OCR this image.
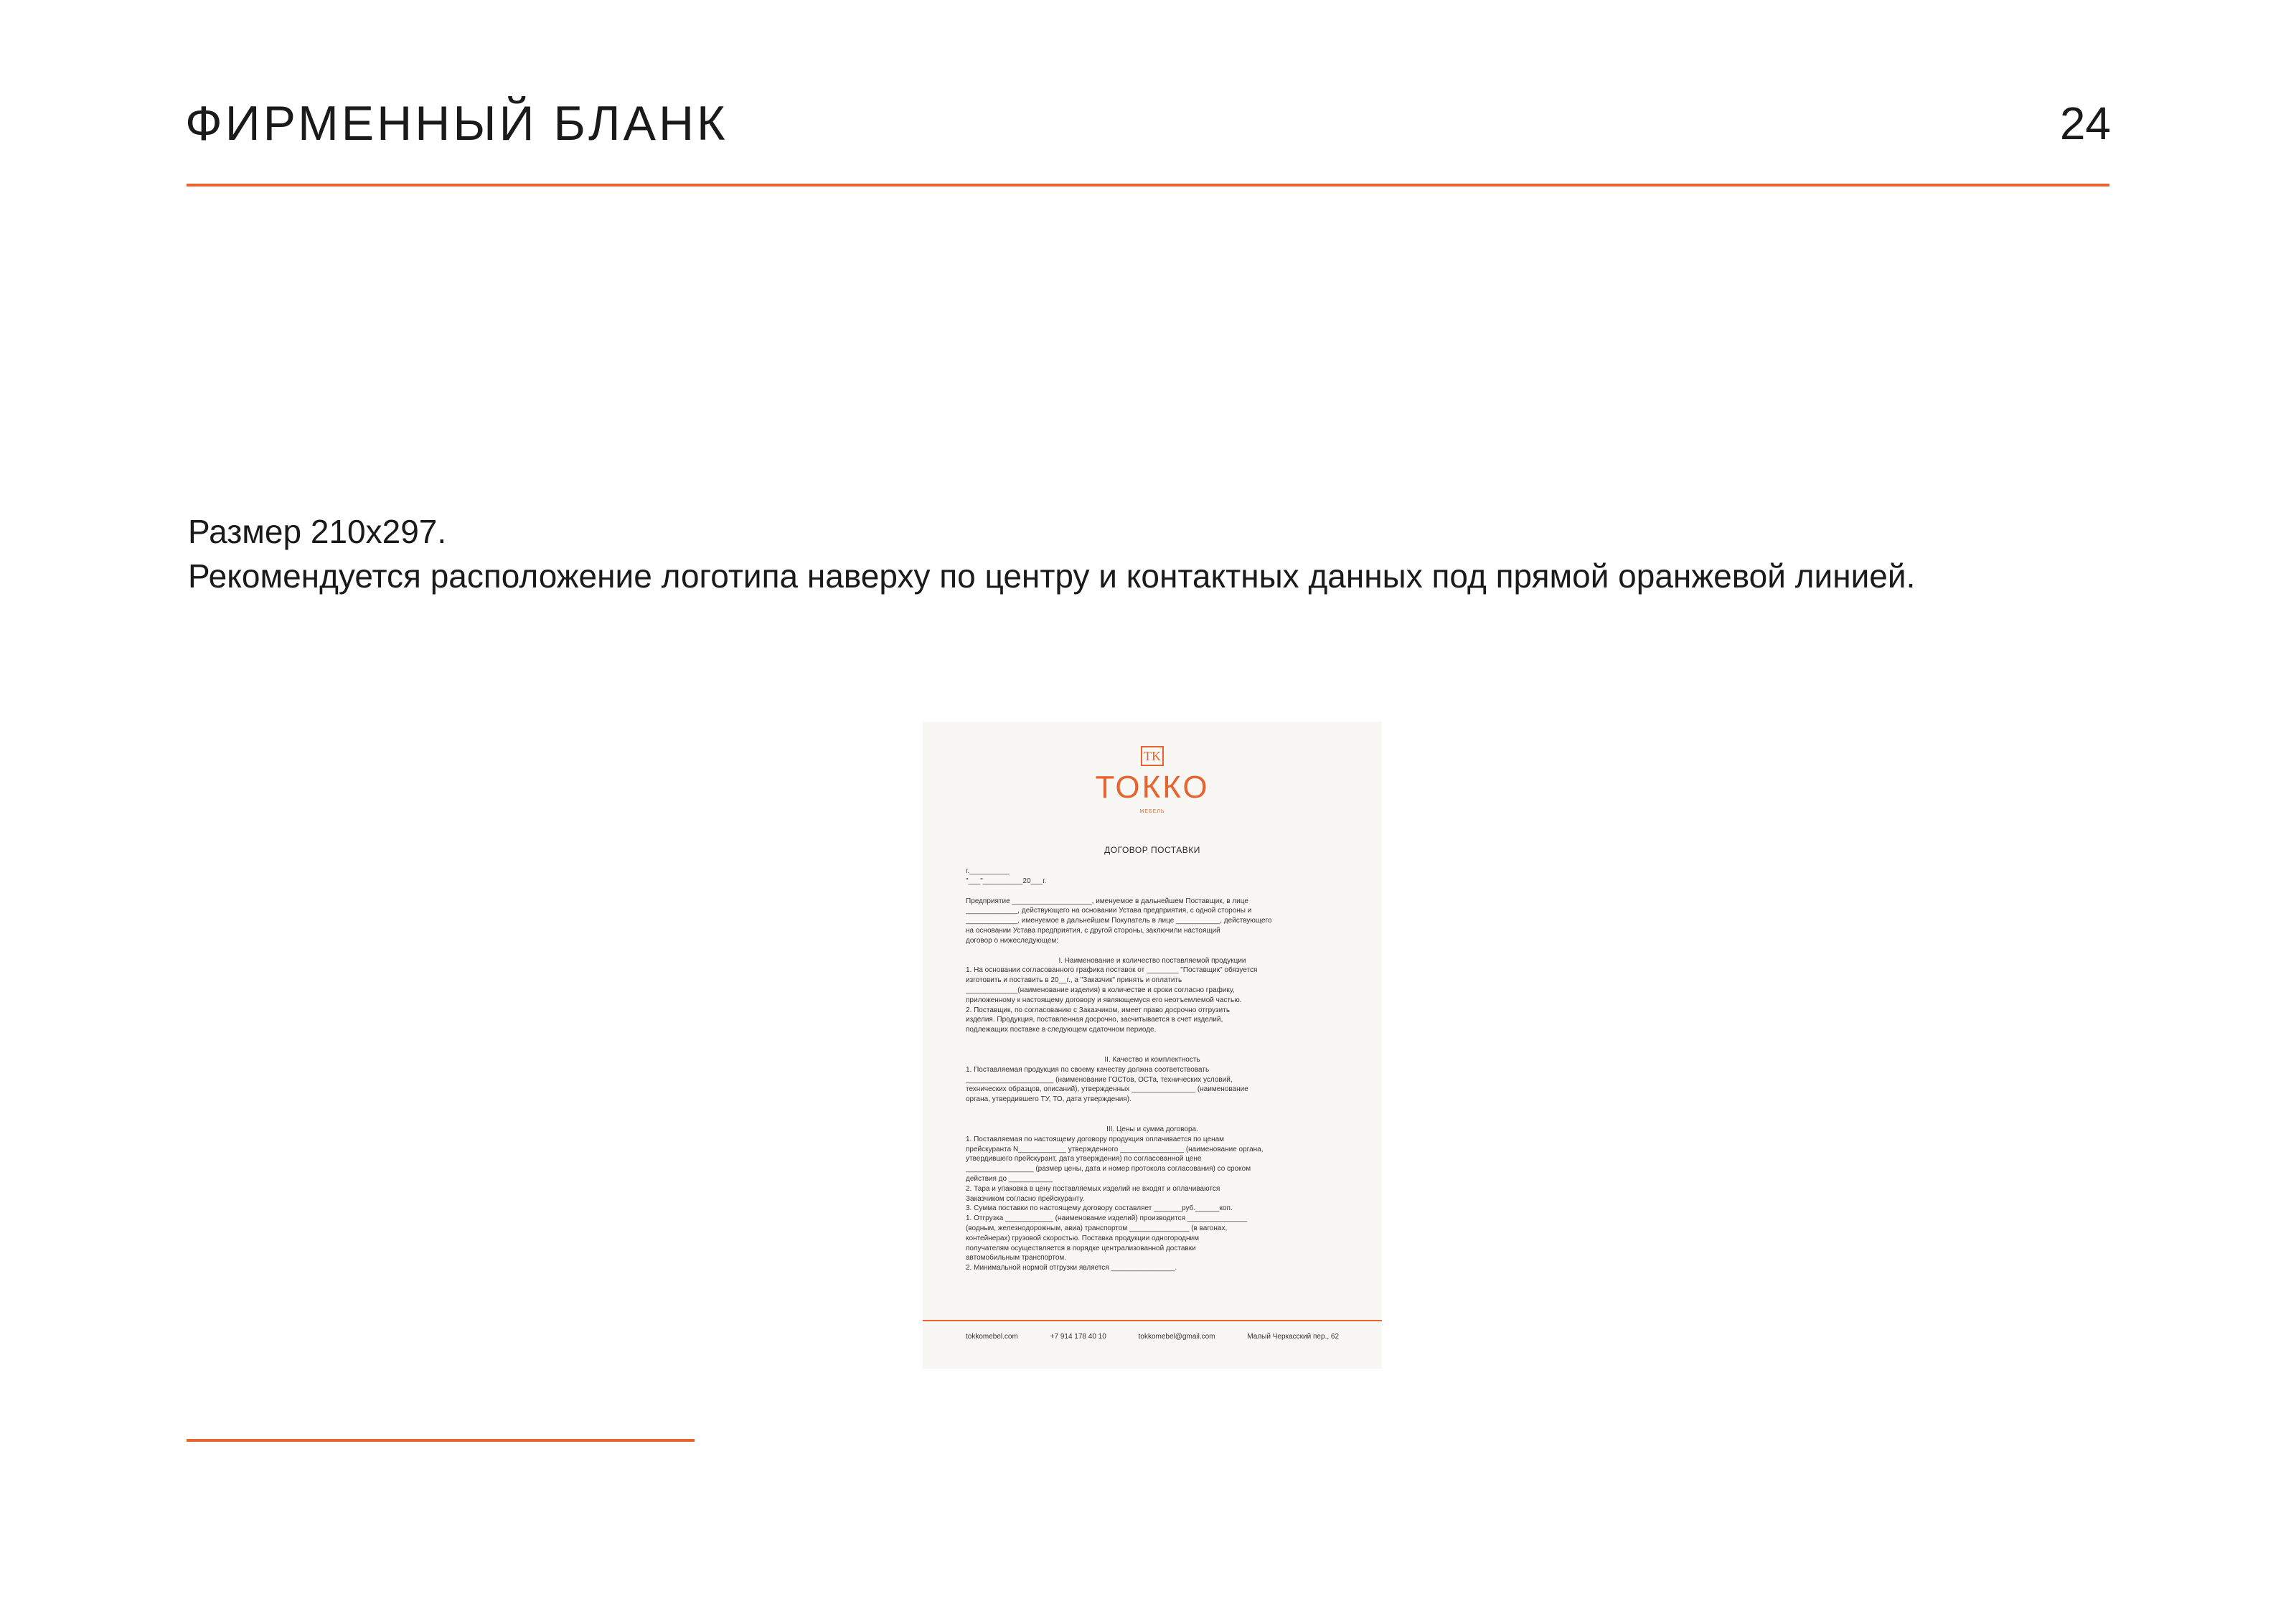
ФИРМЕННЫЙ БЛАНК	24

Размер 210x297.

Рекомендуется расположение логотипа наверху по центру и контактных данных под прямой оранжевой линией.

TK
ТОККО
МЕБЕЛЬ
ДОГОВОР ПОСТАВКИ
г.__________
"___"__________20___г.
Предприятие ____________________, именуемое в дальнейшем Поставщик, в лице
_____________, действующего на основании Устава предприятия, с одной стороны и
_____________, именуемое в дальнейшем Покупатель в лице ___________, действующего
на основании Устава предприятия, с другой стороны, заключили настоящий
договор о нижеследующем:
I. Наименование и количество поставляемой продукции
1. На основании согласованного графика поставок от ________ "Поставщик" обязуется
изготовить и поставить в 20__г., а "Заказчик" принять и оплатить
_____________(наименование изделия) в количестве и сроки согласно графику,
приложенному к настоящему договору и являющемуся его неотъемлемой частью.
2. Поставщик, по согласованию с Заказчиком, имеет право досрочно отгрузить
изделия. Продукция, поставленная досрочно, засчитывается в счет изделий,
подлежащих поставке в следующем сдаточном периоде.
II. Качество и комплектность
1. Поставляемая продукция по своему качеству должна соответствовать
______________________ (наименование ГОСТов, ОСТа, технических условий,
технических образцов, описаний), утвержденных ________________ (наименование
органа, утвердившего ТУ, ТО, дата утверждения).
III. Цены и сумма договора.
1. Поставляемая по настоящему договору продукция оплачивается по ценам
прейскуранта N____________ утвержденного ________________ (наименование органа,
утвердившего прейскурант, дата утверждения) по согласованной цене
_________________ (размер цены, дата и номер протокола согласования) со сроком
действия до ___________
2. Тара и упаковка в цену поставляемых изделий не входят и оплачиваются
Заказчиком согласно прейскуранту.
3. Сумма поставки по настоящему договору составляет _______руб.______коп.
1. Отгрузка ____________ (наименование изделий) производится _______________
(водным, железнодорожным, авиа) транспортом _______________ (в вагонах,
контейнерах) грузовой скоростью. Поставка продукции одногородним
получателям осуществляется в порядке централизованной доставки
автомобильным транспортом.
2. Минимальной нормой отгрузки является ________________.
tokkomebel.com	+7 914 178 40 10	tokkomebel@gmail.com	Малый Черкасский пер., 62
